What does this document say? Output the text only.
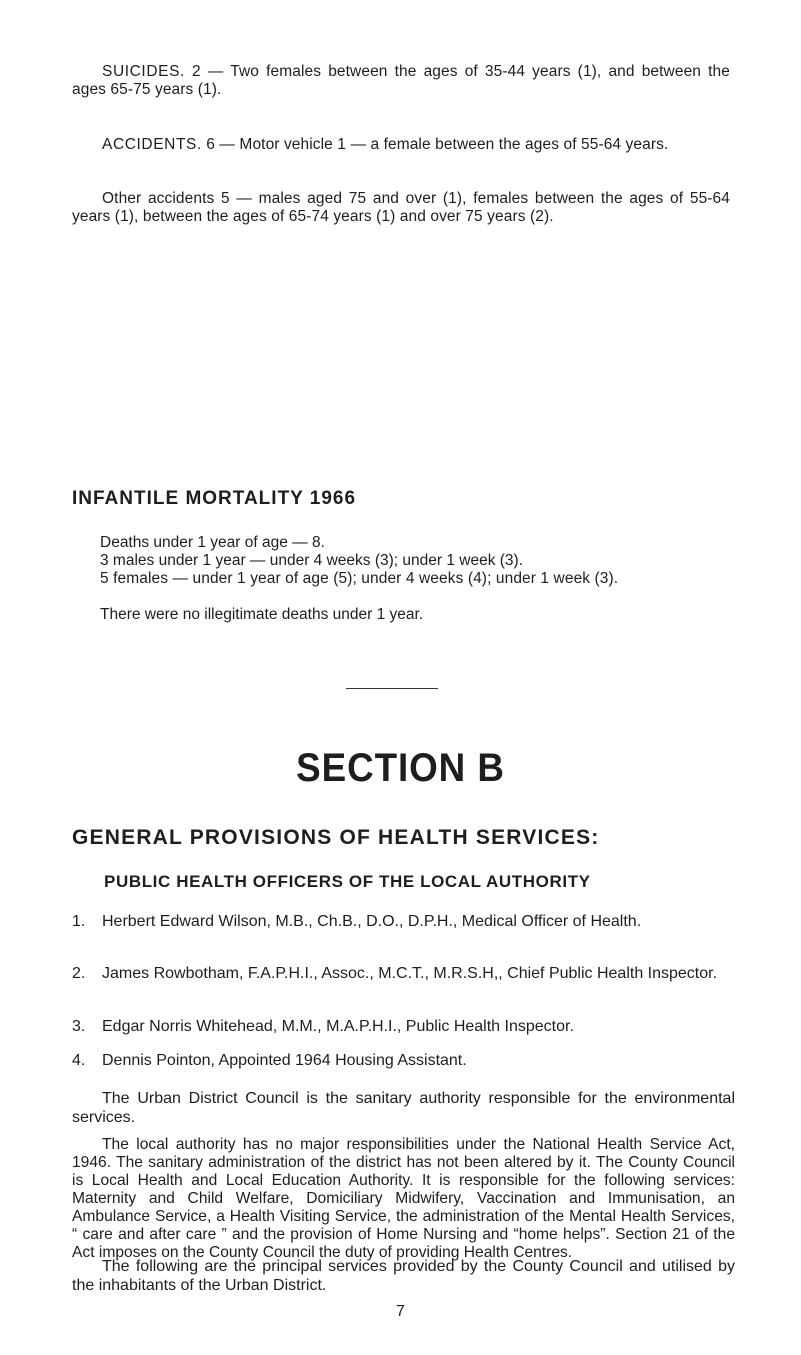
SUICIDES. 2 — Two females between the ages of 35-44 years (1), and between the ages 65-75 years (1).
ACCIDENTS. 6 — Motor vehicle 1 — a female between the ages of 55-64 years.
Other accidents 5 — males aged 75 and over (1), females between the ages of 55-64 years (1), between the ages of 65-74 years (1) and over 75 years (2).
INFANTILE MORTALITY 1966
Deaths under 1 year of age — 8.
3 males under 1 year — under 4 weeks (3); under 1 week (3).
5 females — under 1 year of age (5); under 4 weeks (4); under 1 week (3).
There were no illegitimate deaths under 1 year.
SECTION B
GENERAL PROVISIONS OF HEALTH SERVICES:
PUBLIC HEALTH OFFICERS OF THE LOCAL AUTHORITY
1.	Herbert Edward Wilson, M.B., Ch.B., D.O., D.P.H., Medical Officer of Health.
2.	James Rowbotham, F.A.P.H.I., Assoc., M.C.T., M.R.S.H,, Chief Public Health Inspector.
3.	Edgar Norris Whitehead, M.M., M.A.P.H.I., Public Health Inspector.
4.	Dennis Pointon, Appointed 1964 Housing Assistant.
The Urban District Council is the sanitary authority responsible for the environmental services.
The local authority has no major responsibilities under the National Health Service Act, 1946. The sanitary administration of the district has not been altered by it. The County Council is Local Health and Local Education Authority. It is responsible for the following services: Maternity and Child Welfare, Domiciliary Midwifery, Vaccination and Immunisation, an Ambulance Service, a Health Visiting Service, the administration of the Mental Health Services, “ care and after care ” and the provision of Home Nursing and “home helps”. Section 21 of the Act imposes on the County Council the duty of providing Health Centres.
The following are the principal services provided by the County Council and utilised by the inhabitants of the Urban District.
7
